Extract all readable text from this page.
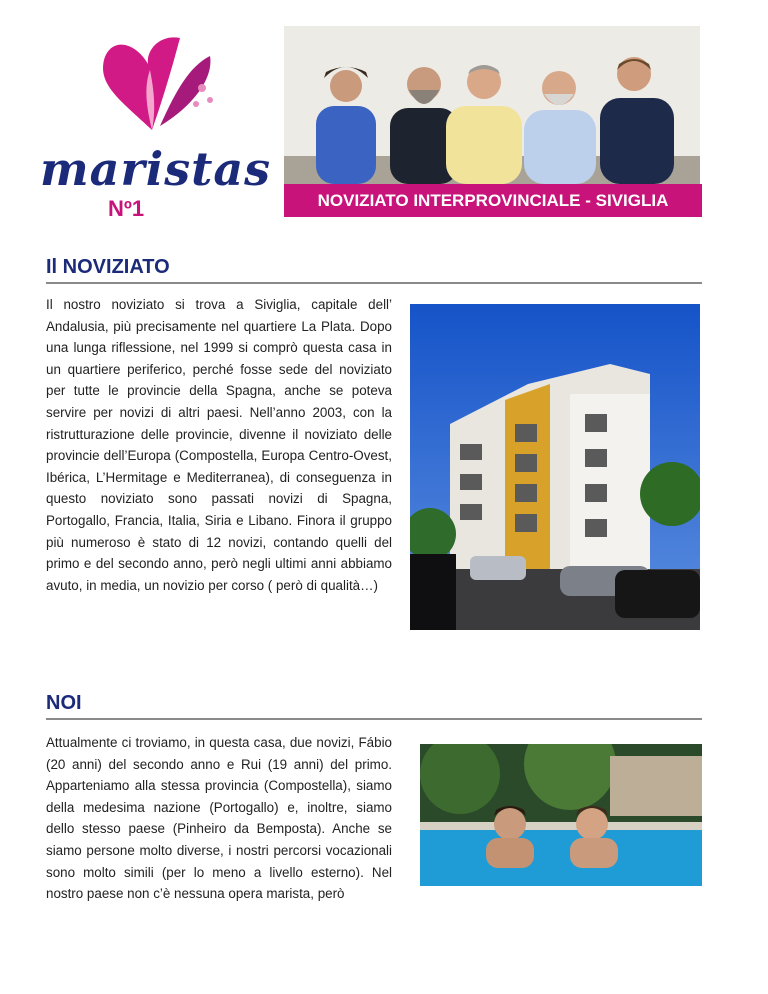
maristas
Nº1	NOVIZIATO INTERPROVINCIALE - SIVIGLIA
Il NOVIZIATO
Il nostro noviziato si trova a Siviglia, capitale dell’ Andalusia, più precisamente nel quartiere La Plata. Dopo una lunga riflessione, nel 1999 si comprò questa casa in un quartiere periferico, perché fosse sede del noviziato per tutte le provincie della Spagna, anche se poteva servire per novizi di altri paesi. Nell’anno 2003, con la ristrutturazione delle provincie, divenne il noviziato delle provincie dell’Europa (Compostella, Europa Centro-Ovest, Ibérica, L’Hermitage e Mediterranea), di conseguenza in questo noviziato sono passati novizi di Spagna, Portogallo, Francia, Italia, Siria e Libano. Finora il gruppo più numeroso è stato di 12 novizi, contando quelli del primo e del secondo anno, però negli ultimi anni abbiamo avuto, in media, un novizio per corso ( però di qualità…)
NOI
Attualmente ci troviamo, in questa casa, due novizi, Fábio (20 anni) del secondo anno e Rui (19 anni) del primo. Apparteniamo alla stessa provincia (Compostella), siamo della medesima nazione (Portogallo) e, inoltre, siamo dello stesso paese (Pinheiro da Bemposta). Anche se siamo persone molto diverse, i nostri percorsi vocazionali sono molto simili (per lo meno a livello esterno). Nel nostro paese non c’è nessuna opera marista, però
